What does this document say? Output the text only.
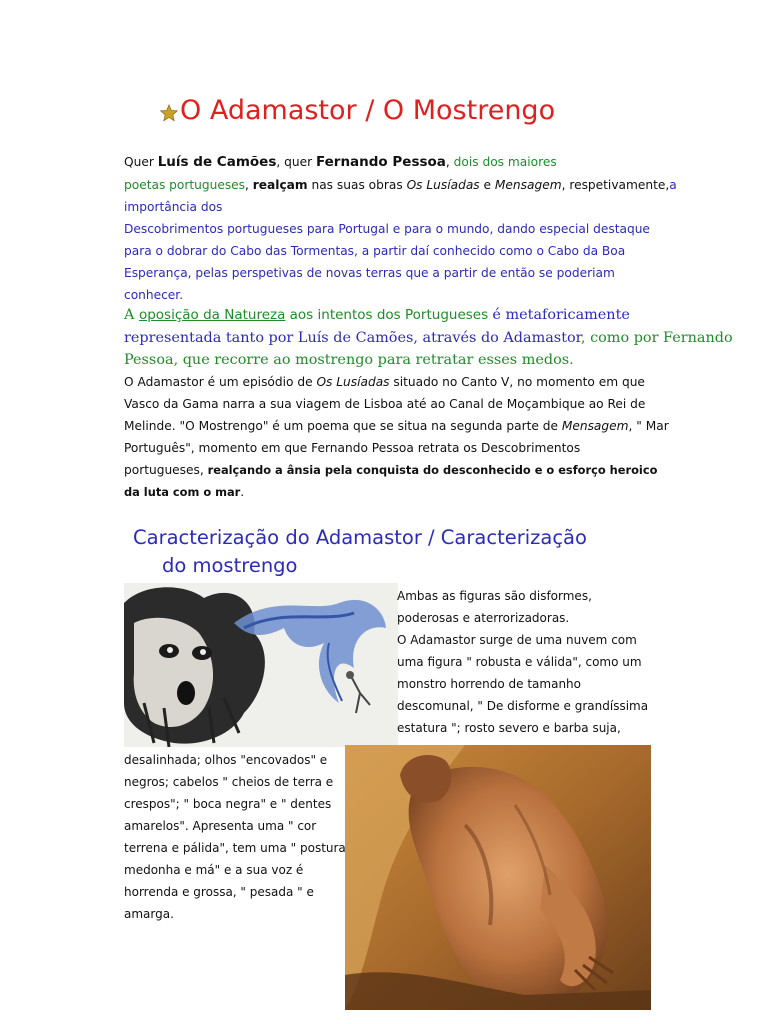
O Adamastor / O Mostrengo
Quer Luís de Camões, quer Fernando Pessoa, dois dos maiores
poetas portugueses, realçam nas suas obras Os Lusíadas e Mensagem, respetivamente,a
importância dos
Descobrimentos portugueses para Portugal e para o mundo, dando especial destaque
para o dobrar do Cabo das Tormentas, a partir daí conhecido como o Cabo da Boa
Esperança, pelas perspetivas de novas terras que a partir de então se poderiam
conhecer.
A oposição da Natureza aos intentos dos Portugueses é metaforicamente
representada tanto por Luís de Camões, através do Adamastor, como por Fernando
Pessoa, que recorre ao mostrengo para retratar esses medos.
O Adamastor é um episódio de Os Lusíadas situado no Canto V, no momento em que
Vasco da Gama narra a sua viagem de Lisboa até ao Canal de Moçambique ao Rei de
Melinde. "O Mostrengo" é um poema que se situa na segunda parte de Mensagem, " Mar
Português", momento em que Fernando Pessoa retrata os Descobrimentos
portugueses, realçando a ânsia pela conquista do desconhecido e o esforço heroico
da luta com o mar.
Caracterização do Adamastor / Caracterização
do mostrengo
Ambas as figuras são disformes,
poderosas e aterrorizadoras.
O Adamastor surge de uma nuvem com
uma figura " robusta e válida", como um
monstro horrendo de tamanho
descomunal, " De disforme e grandíssima
estatura "; rosto severo e barba suja,
desalinhada; olhos "encovados" e
negros; cabelos " cheios de terra e
crespos"; " boca negra" e " dentes
amarelos". Apresenta uma " cor
terrena e pálida", tem uma " postura
medonha e má" e a sua voz é
horrenda e grossa, " pesada " e
amarga.
